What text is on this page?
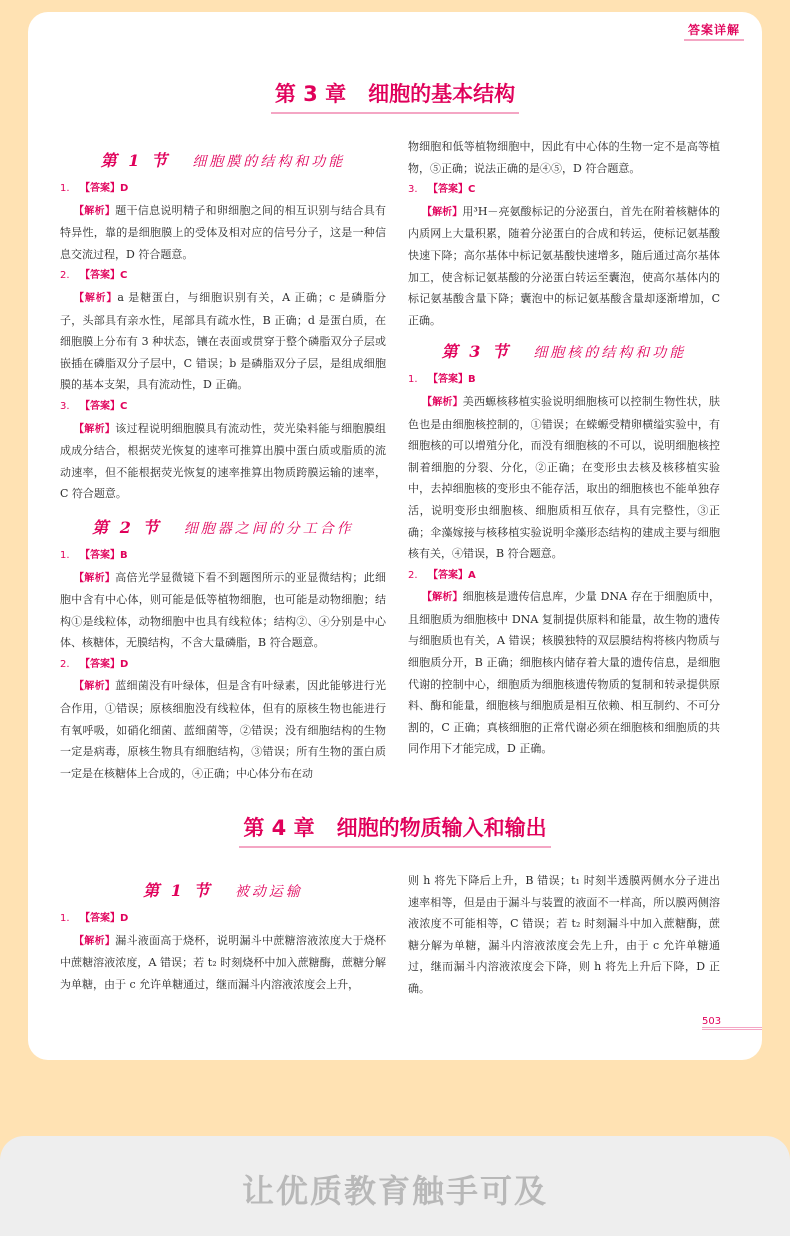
答案详解
第 3 章 细胞的基本结构
第 1 节 细胞膜的结构和功能
1.	【答案】D
【解析】题干信息说明精子和卵细胞之间的相互识别与结合具有特异性，靠的是细胞膜上的受体及相对应的信号分子，这是一种信息交流过程，D 符合题意。
2.	【答案】C
【解析】a 是糖蛋白，与细胞识别有关，A 正确；c 是磷脂分子，头部具有亲水性，尾部具有疏水性，B 正确；d 是蛋白质，在细胞膜上分布有 3 种状态，镶在表面或贯穿于整个磷脂双分子层或嵌插在磷脂双分子层中，C 错误；b 是磷脂双分子层，是组成细胞膜的基本支架，具有流动性，D 正确。
3.	【答案】C
【解析】该过程说明细胞膜具有流动性，荧光染料能与细胞膜组成成分结合，根据荧光恢复的速率可推算出膜中蛋白质或脂质的流动速率，但不能根据荧光恢复的速率推算出物质跨膜运输的速率，C 符合题意。
第 2 节 细胞器之间的分工合作
1.	【答案】B
【解析】高倍光学显微镜下看不到题图所示的亚显微结构；此细胞中含有中心体，则可能是低等植物细胞，也可能是动物细胞；结构①是线粒体，动物细胞中也具有线粒体；结构②、④分别是中心体、核糖体，无膜结构，不含大量磷脂，B 符合题意。
2.	【答案】D
【解析】蓝细菌没有叶绿体，但是含有叶绿素，因此能够进行光合作用，①错误；原核细胞没有线粒体，但有的原核生物也能进行有氧呼吸，如硝化细菌、蓝细菌等，②错误；没有细胞结构的生物一定是病毒，原核生物具有细胞结构，③错误；所有生物的蛋白质一定是在核糖体上合成的，④正确；中心体分布在动
物细胞和低等植物细胞中，因此有中心体的生物一定不是高等植物，⑤正确；说法正确的是④⑤，D 符合题意。
3.	【答案】C
【解析】用³H－亮氨酸标记的分泌蛋白，首先在附着核糖体的内质网上大量积累，随着分泌蛋白的合成和转运，使标记氨基酸快速下降；高尔基体中标记氨基酸快速增多，随后通过高尔基体加工，使含标记氨基酸的分泌蛋白转运至囊泡，使高尔基体内的标记氨基酸含量下降；囊泡中的标记氨基酸含量却逐渐增加，C 正确。
第 3 节 细胞核的结构和功能
1.	【答案】B
【解析】美西螈核移植实验说明细胞核可以控制生物性状，肤色也是由细胞核控制的，①错误；在蝾螈受精卵横缢实验中，有细胞核的可以增殖分化，而没有细胞核的不可以，说明细胞核控制着细胞的分裂、分化，②正确；在变形虫去核及核移植实验中，去掉细胞核的变形虫不能存活，取出的细胞核也不能单独存活，说明变形虫细胞核、细胞质相互依存，具有完整性，③正确；伞藻嫁接与核移植实验说明伞藻形态结构的建成主要与细胞核有关，④错误，B 符合题意。
2.	【答案】A
【解析】细胞核是遗传信息库，少量 DNA 存在于细胞质中，且细胞质为细胞核中 DNA 复制提供原料和能量，故生物的遗传与细胞质也有关，A 错误；核膜独特的双层膜结构将核内物质与细胞质分开，B 正确；细胞核内储存着大量的遗传信息，是细胞代谢的控制中心，细胞质为细胞核遗传物质的复制和转录提供原料、酶和能量，细胞核与细胞质是相互依赖、相互制约、不可分割的，C 正确；真核细胞的正常代谢必须在细胞核和细胞质的共同作用下才能完成，D 正确。
第 4 章 细胞的物质输入和输出
第 1 节 被动运输
1.	【答案】D
【解析】漏斗液面高于烧杯，说明漏斗中蔗糖溶液浓度大于烧杯中蔗糖溶液浓度，A 错误；若 t₂ 时刻烧杯中加入蔗糖酶，蔗糖分解为单糖，由于 c 允许单糖通过，继而漏斗内溶液浓度会上升，
则 h 将先下降后上升，B 错误；t₁ 时刻半透膜两侧水分子进出速率相等，但是由于漏斗与装置的液面不一样高，所以膜两侧溶液浓度不可能相等，C 错误；若 t₂ 时刻漏斗中加入蔗糖酶，蔗糖分解为单糖，漏斗内溶液浓度会先上升，由于 c 允许单糖通过，继而漏斗内溶液浓度会下降，则 h 将先上升后下降，D 正确。
503
让优质教育触手可及
